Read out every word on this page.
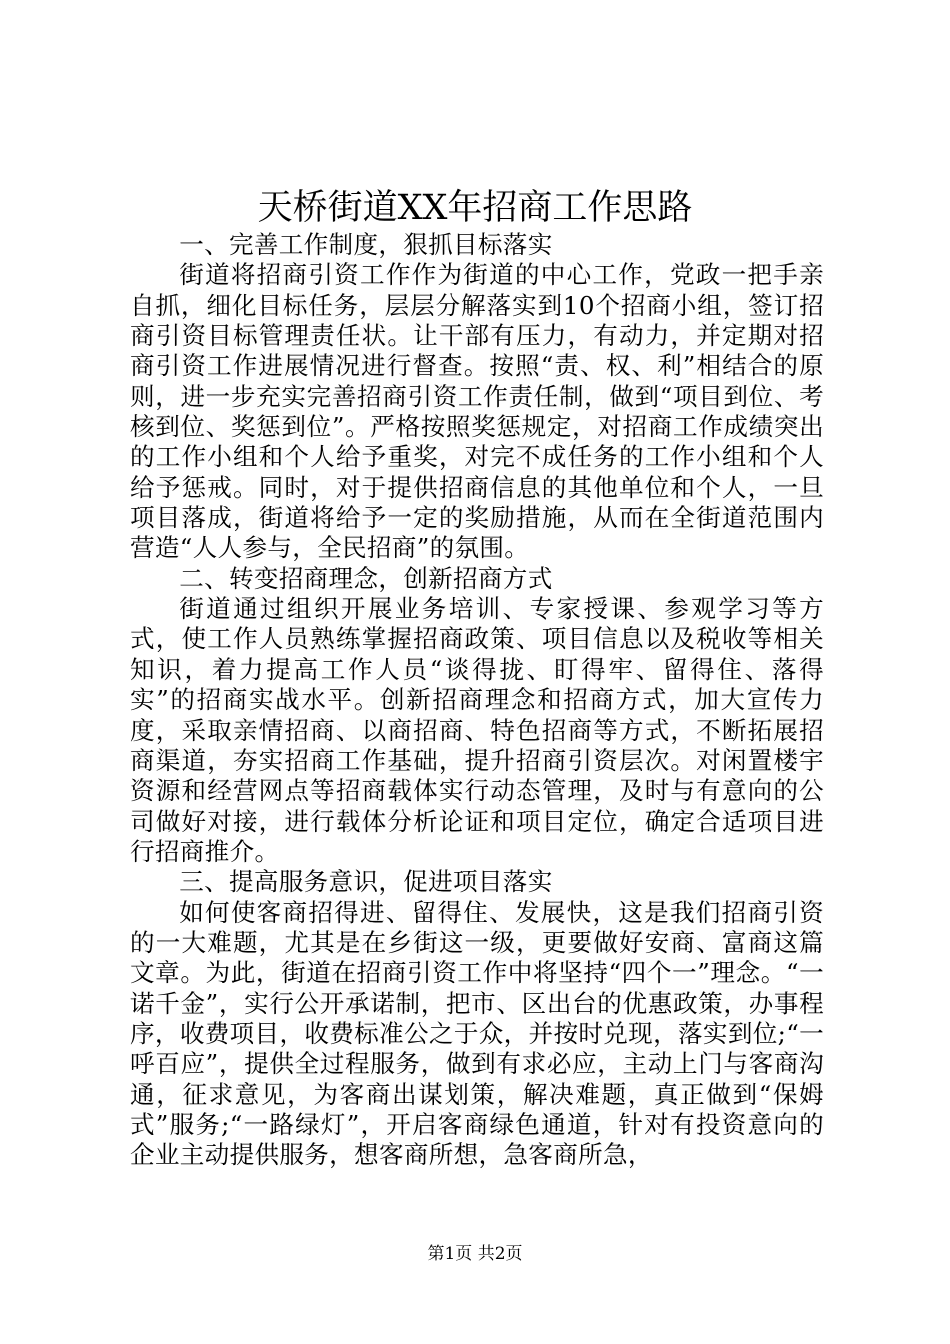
天桥街道XX年招商工作思路

一、完善工作制度，狠抓目标落实

街道将招商引资工作作为街道的中心工作，党政一把手亲自抓，细化目标任务，层层分解落实到10个招商小组，签订招商引资目标管理责任状。让干部有压力，有动力，并定期对招商引资工作进展情况进行督查。按照“责、权、利”相结合的原则，进一步充实完善招商引资工作责任制，做到“项目到位、考核到位、奖惩到位”。严格按照奖惩规定，对招商工作成绩突出的工作小组和个人给予重奖，对完不成任务的工作小组和个人给予惩戒。同时，对于提供招商信息的其他单位和个人，一旦项目落成，街道将给予一定的奖励措施，从而在全街道范围内营造“人人参与，全民招商”的氛围。

二、转变招商理念，创新招商方式

街道通过组织开展业务培训、专家授课、参观学习等方式，使工作人员熟练掌握招商政策、项目信息以及税收等相关知识，着力提高工作人员“谈得拢、盯得牢、留得住、落得实”的招商实战水平。创新招商理念和招商方式，加大宣传力度，采取亲情招商、以商招商、特色招商等方式，不断拓展招商渠道，夯实招商工作基础，提升招商引资层次。对闲置楼宇资源和经营网点等招商载体实行动态管理，及时与有意向的公司做好对接，进行载体分析论证和项目定位，确定合适项目进行招商推介。

三、提高服务意识，促进项目落实

如何使客商招得进、留得住、发展快，这是我们招商引资的一大难题，尤其是在乡街这一级，更要做好安商、富商这篇文章。为此，街道在招商引资工作中将坚持“四个一”理念。“一诺千金”，实行公开承诺制，把市、区出台的优惠政策，办事程序，收费项目，收费标准公之于众，并按时兑现，落实到位;“一呼百应”，提供全过程服务，做到有求必应，主动上门与客商沟通，征求意见，为客商出谋划策，解决难题，真正做到“保姆式”服务;“一路绿灯”，开启客商绿色通道，针对有投资意向的企业主动提供服务，想客商所想，急客商所急，

第1页 共2页
